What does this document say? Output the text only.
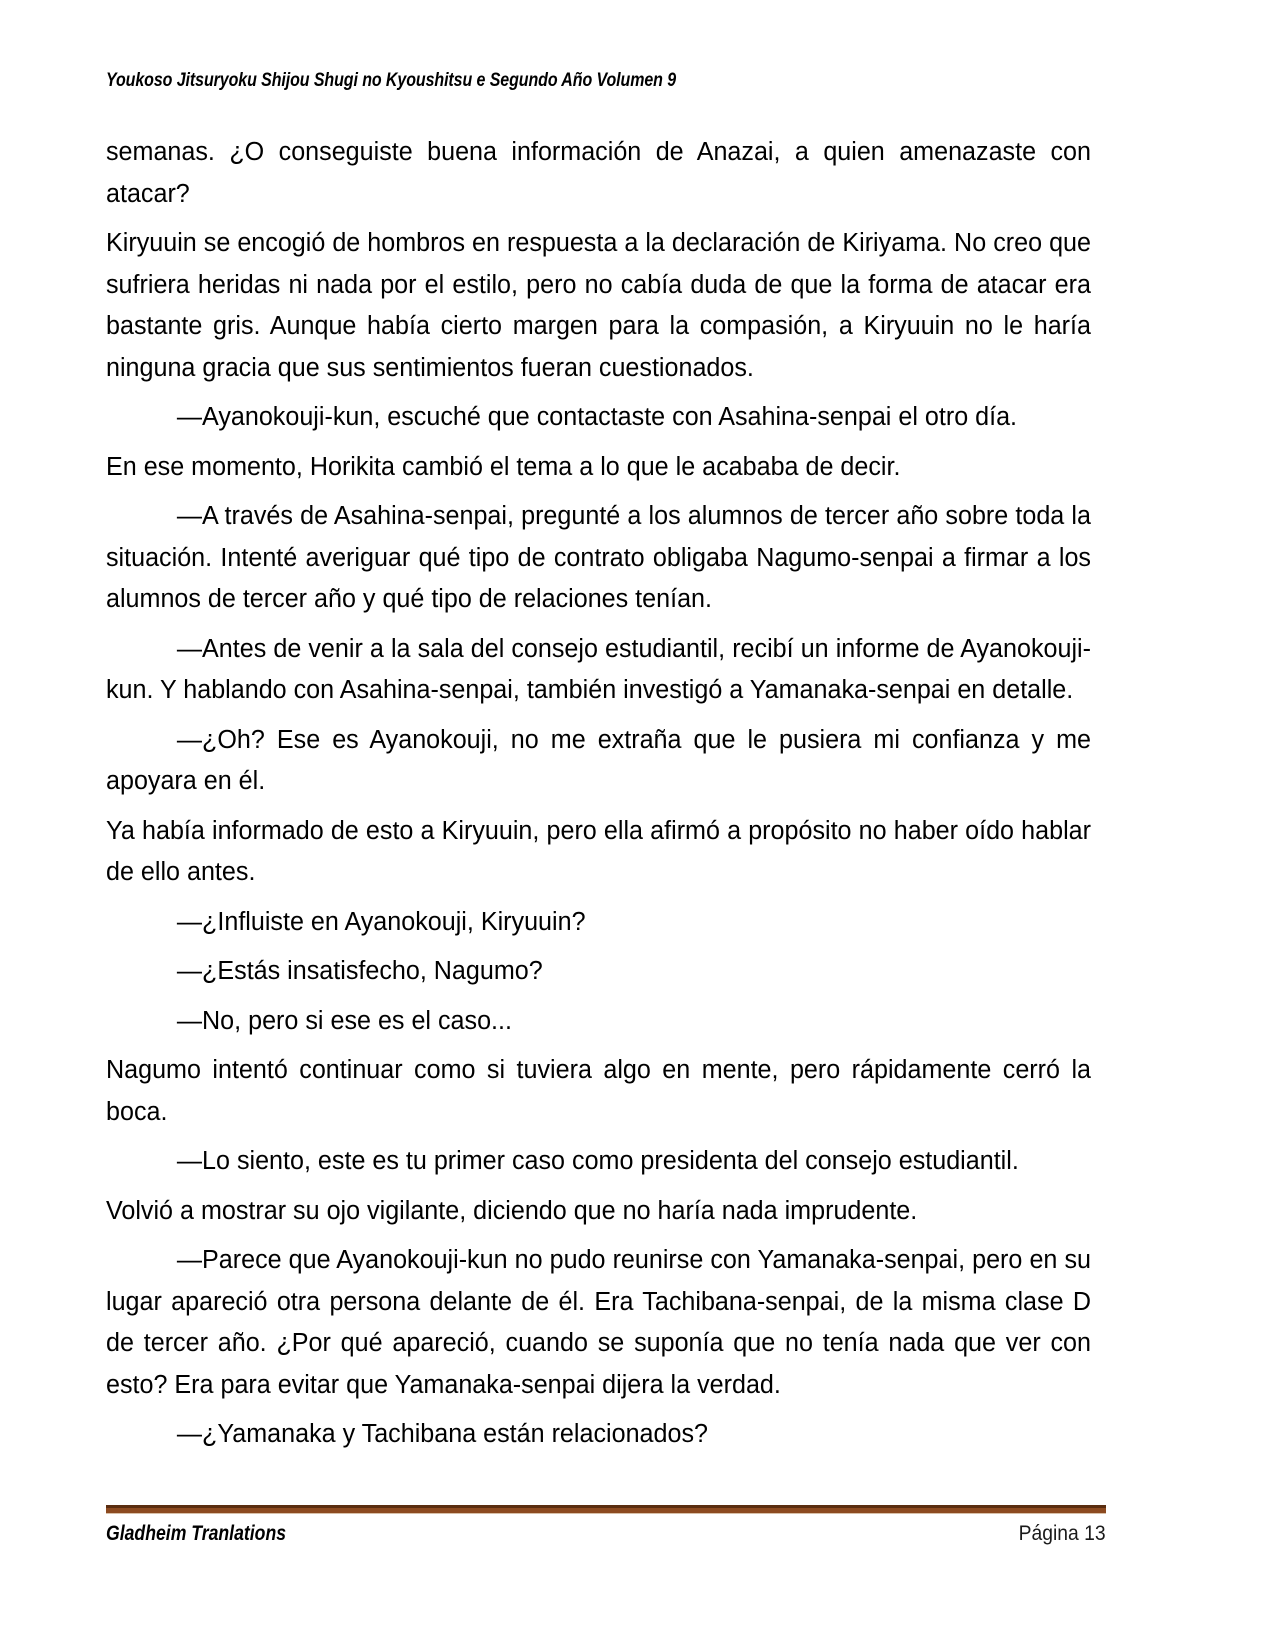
Youkoso Jitsuryoku Shijou Shugi no Kyoushitsu e Segundo Año Volumen 9

semanas. ¿O conseguiste buena información de Anazai, a quien amenazaste con atacar?

Kiryuuin se encogió de hombros en respuesta a la declaración de Kiriyama. No creo que sufriera heridas ni nada por el estilo, pero no cabía duda de que la forma de atacar era bastante gris. Aunque había cierto margen para la compasión, a Kiryuuin no le haría ninguna gracia que sus sentimientos fueran cuestionados.

—Ayanokouji-kun, escuché que contactaste con Asahina-senpai el otro día.

En ese momento, Horikita cambió el tema a lo que le acababa de decir.

—A través de Asahina-senpai, pregunté a los alumnos de tercer año sobre toda la situación. Intenté averiguar qué tipo de contrato obligaba Nagumo-senpai a firmar a los alumnos de tercer año y qué tipo de relaciones tenían.

—Antes de venir a la sala del consejo estudiantil, recibí un informe de Ayanokouji-kun. Y hablando con Asahina-senpai, también investigó a Yamanaka-senpai en detalle.

—¿Oh? Ese es Ayanokouji, no me extraña que le pusiera mi confianza y me apoyara en él.

Ya había informado de esto a Kiryuuin, pero ella afirmó a propósito no haber oído hablar de ello antes.

—¿Influiste en Ayanokouji, Kiryuuin?

—¿Estás insatisfecho, Nagumo?

—No, pero si ese es el caso...

Nagumo intentó continuar como si tuviera algo en mente, pero rápidamente cerró la boca.

—Lo siento, este es tu primer caso como presidenta del consejo estudiantil.

Volvió a mostrar su ojo vigilante, diciendo que no haría nada imprudente.

—Parece que Ayanokouji-kun no pudo reunirse con Yamanaka-senpai, pero en su lugar apareció otra persona delante de él. Era Tachibana-senpai, de la misma clase D de tercer año. ¿Por qué apareció, cuando se suponía que no tenía nada que ver con esto? Era para evitar que Yamanaka-senpai dijera la verdad.

—¿Yamanaka y Tachibana están relacionados?

Gladheim Tranlations	Página 13
